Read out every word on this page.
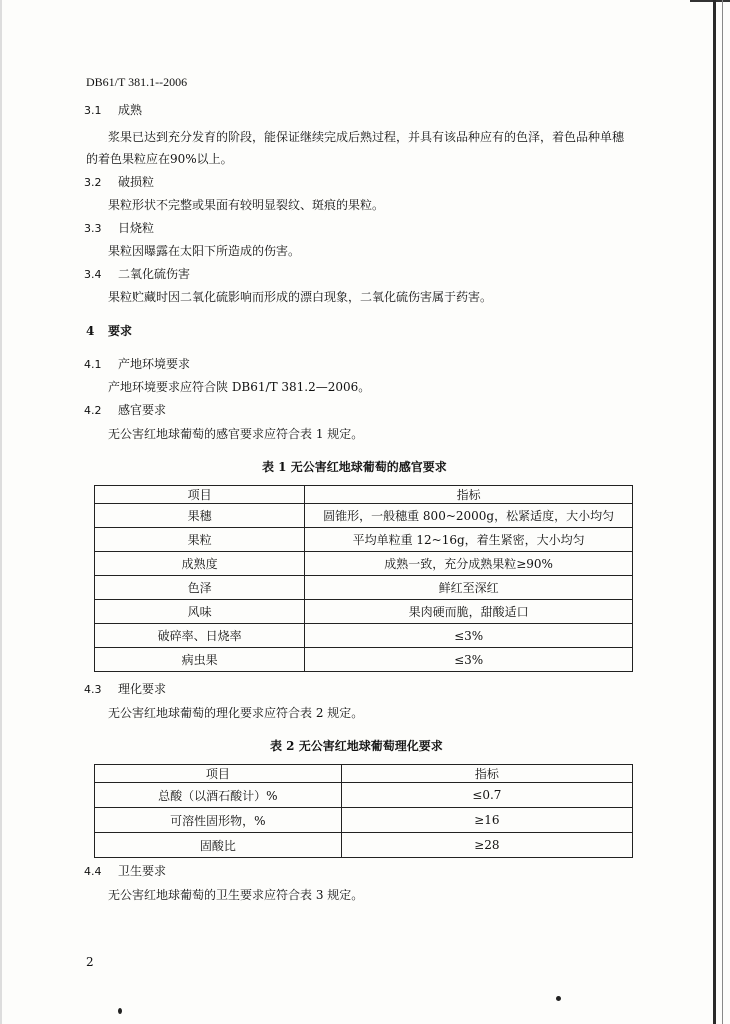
DB61/T 381.1--2006
3.1 成熟
浆果已达到充分发育的阶段，能保证继续完成后熟过程，并具有该品种应有的色泽，着色品种单穗
的着色果粒应在90%以上。
3.2 破损粒
果粒形状不完整或果面有较明显裂纹、斑痕的果粒。
3.3 日烧粒
果粒因曝露在太阳下所造成的伤害。
3.4 二氧化硫伤害
果粒贮藏时因二氧化硫影响而形成的漂白现象，二氧化硫伤害属于药害。
4 要求
4.1 产地环境要求
产地环境要求应符合陕 DB61/T 381.2—2006。
4.2 感官要求
无公害红地球葡萄的感官要求应符合表 1 规定。
表 1 无公害红地球葡萄的感官要求
项目	指标
果穗	圆锥形，一般穗重 800~2000g，松紧适度，大小均匀
果粒	平均单粒重 12~16g，着生紧密，大小均匀
成熟度	成熟一致，充分成熟果粒≥90%
色泽	鲜红至深红
风味	果肉硬而脆，甜酸适口
破碎率、日烧率	≤3%
病虫果	≤3%
4.3 理化要求
无公害红地球葡萄的理化要求应符合表 2 规定。
表 2 无公害红地球葡萄理化要求
项目	指标
总酸（以酒石酸计）%	≤0.7
可溶性固形物，%	≥16
固酸比	≥28
4.4 卫生要求
无公害红地球葡萄的卫生要求应符合表 3 规定。
2
